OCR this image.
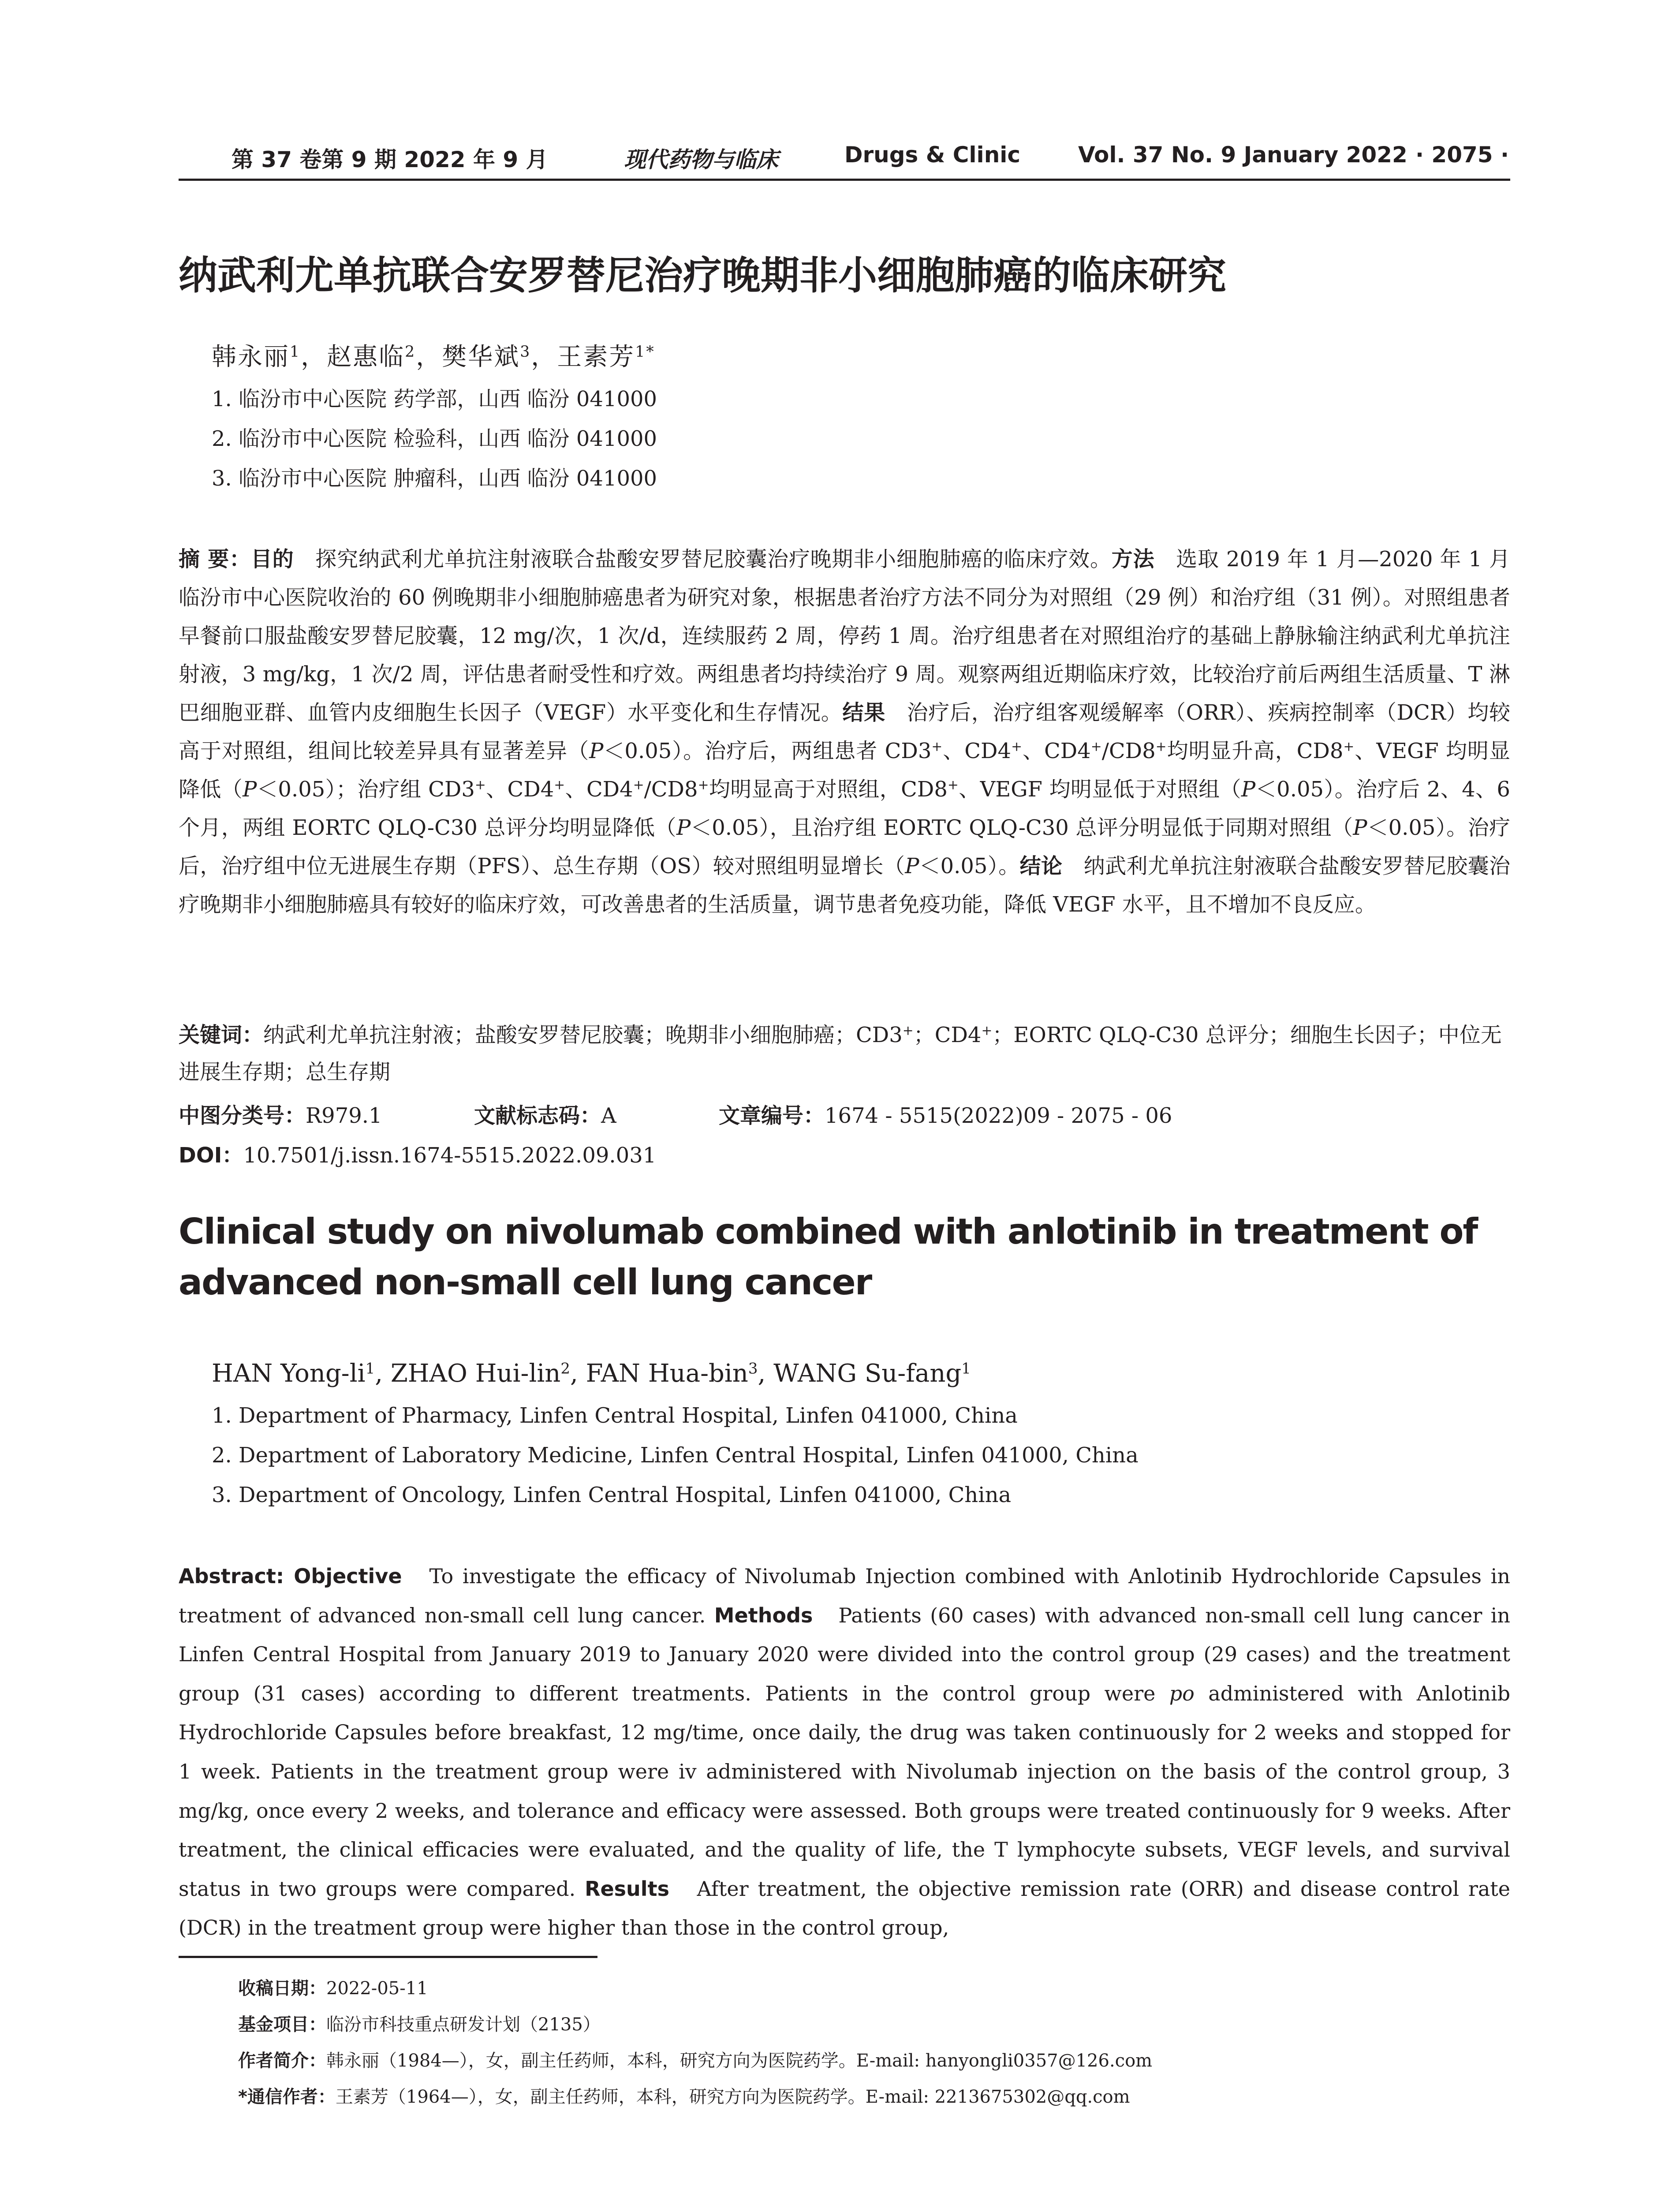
第 37 卷第 9 期 2022 年 9 月	现代药物与临床	Drugs & Clinic	Vol. 37 No. 9 January 2022 · 2075 ·
纳武利尤单抗联合安罗替尼治疗晚期非小细胞肺癌的临床研究
韩永丽$^1$，赵惠临$^2$，樊华斌$^3$，王素芳$^{1*}$
1. 临汾市中心医院 药学部，山西 临汾 041000
2. 临汾市中心医院 检验科，山西 临汾 041000
3. 临汾市中心医院 肿瘤科，山西 临汾 041000

摘 要：目的　 探究纳武利尤单抗注射液联合盐酸安罗替尼胶囊治疗晚期非小细胞肺癌的临床疗效。方法　 选取 2019 年 1 月—2020 年 1 月临汾市中心医院收治的 60 例晚期非小细胞肺癌患者为研究对象，根据患者治疗方法不同分为对照组（29 例）和治疗组（31 例）。对照组患者早餐前口服盐酸安罗替尼胶囊，12 mg/次，1 次/d，连续服药 2 周，停药 1 周。治疗组患者在对照组治疗的基础上静脉输注纳武利尤单抗注射液，3 mg/kg，1 次/2 周，评估患者耐受性和疗效。两组患者均持续治疗 9 周。观察两组近期临床疗效，比较治疗前后两组生活质量、T 淋巴细胞亚群、血管内皮细胞生长因子（VEGF）水平变化和生存情况。结果　 治疗后，治疗组客观缓解率（ORR）、疾病控制率（DCR）均较高于对照组，组间比较差异具有显著差异（P＜0.05）。治疗后，两组患者 CD3+、CD4+、CD4+/CD8+均明显升高，CD8+、VEGF 均明显降低（P＜0.05）；治疗组 CD3+、CD4+、CD4+/CD8+均明显高于对照组，CD8+、VEGF 均明显低于对照组（P＜0.05）。治疗后 2、4、6 个月，两组 EORTC QLQ-C30 总评分均明显降低（P＜0.05），且治疗组 EORTC QLQ-C30 总评分明显低于同期对照组（P＜0.05）。治疗后，治疗组中位无进展生存期（PFS）、总生存期（OS）较对照组明显增长（P＜0.05）。结论　 纳武利尤单抗注射液联合盐酸安罗替尼胶囊治疗晚期非小细胞肺癌具有较好的临床疗效，可改善患者的生活质量，调节患者免疫功能，降低 VEGF 水平，且不增加不良反应。

关键词：纳武利尤单抗注射液；盐酸安罗替尼胶囊；晚期非小细胞肺癌；CD3+；CD4+；EORTC QLQ-C30 总评分；细胞生长因子；中位无进展生存期；总生存期

中图分类号：R979.1	文献标志码：A	文章编号：1674 - 5515(2022)09 - 2075 - 06
DOI：10.7501/j.issn.1674-5515.2022.09.031
Clinical study on nivolumab combined with anlotinib in treatment of advanced non-small cell lung cancer
HAN Yong-$li^1$, ZHAO Hui-lin$^2$, FAN Hua-bin$^3$, WANG Su-fang$^1$
1. Department of Pharmacy, Linfen Central Hospital, Linfen 041000, China
2. Department of Laboratory Medicine, Linfen Central Hospital, Linfen 041000, China
3. Department of Oncology, Linfen Central Hospital, Linfen 041000, China

Abstract: Objective To investigate the efficacy of Nivolumab Injection combined with Anlotinib Hydrochloride Capsules in treatment of advanced non-small cell lung cancer. Methods Patients (60 cases) with advanced non-small cell lung cancer in Linfen Central Hospital from January 2019 to January 2020 were divided into the control group (29 cases) and the treatment group (31 cases) according to different treatments. Patients in the control group were po administered with Anlotinib Hydrochloride Capsules before breakfast, 12 mg/time, once daily, the drug was taken continuously for 2 weeks and stopped for 1 week. Patients in the treatment group were iv administered with Nivolumab injection on the basis of the control group, 3 mg/kg, once every 2 weeks, and tolerance and efficacy were assessed. Both groups were treated continuously for 9 weeks. After treatment, the clinical efficacies were evaluated, and the quality of life, the T lymphocyte subsets, VEGF levels, and survival status in two groups were compared. Results After treatment, the objective remission rate (ORR) and disease control rate (DCR) in the treatment group were higher than those in the control group,

收稿日期：2022-05-11
基金项目：临汾市科技重点研发计划（2135）
作者简介：韩永丽（1984—），女，副主任药师，本科，研究方向为医院药学。E-mail: hanyongli0357@126.com
*通信作者：王素芳（1964—），女，副主任药师，本科，研究方向为医院药学。E-mail: 2213675302@qq.com
